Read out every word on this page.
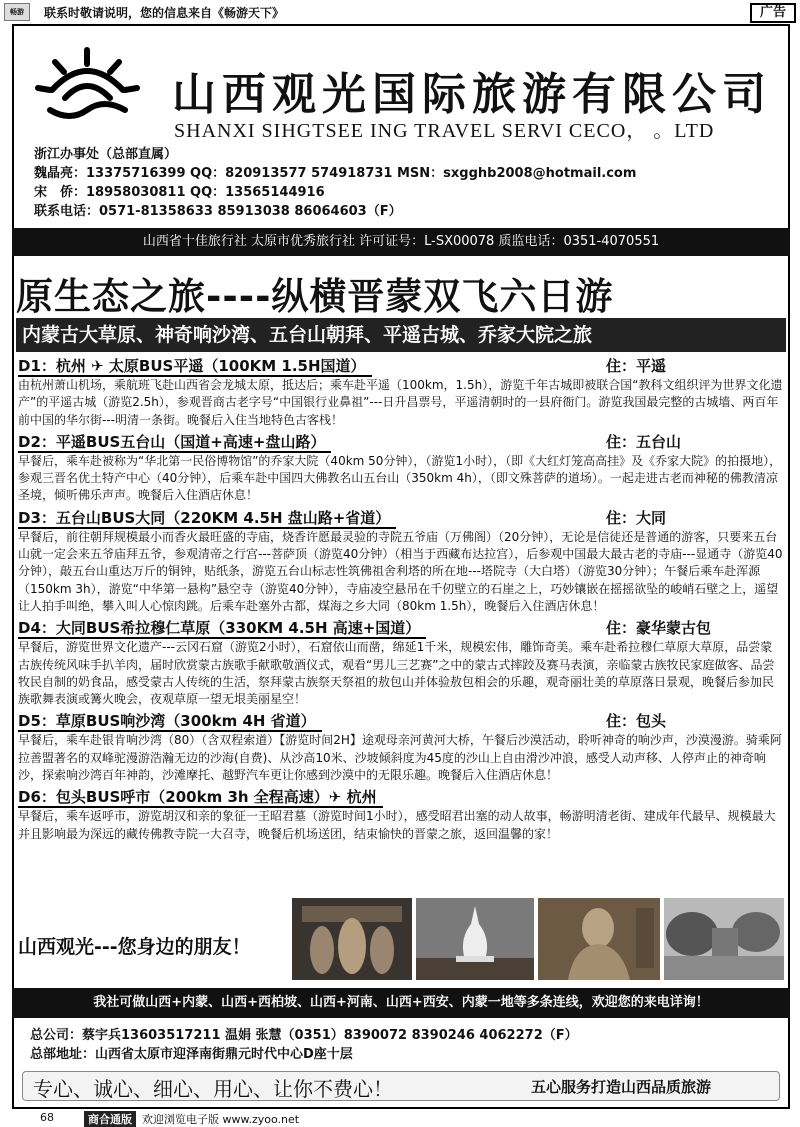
畅游	联系时敬请说明，您的信息来自《畅游天下》	广告
山西观光国际旅游有限公司
SHANXI SIHGTSEE ING TRAVEL SERVI CECO， 。LTD
浙江办事处（总部直属）
魏晶亮：13375716399 QQ：820913577 574918731 MSN：sxgghb2008@hotmail.com
宋　侨：18958030811 QQ：13565144916
联系电话：0571-81358633 85913038 86064603（F）
山西省十佳旅行社 太原市优秀旅行社 许可证号：L-SX00078 质监电话：0351-4070551
原生态之旅----纵横晋蒙双飞六日游
内蒙古大草原、神奇响沙湾、五台山朝拜、平遥古城、乔家大院之旅
D1：杭州 ✈ 太原BUS平遥（100KM 1.5H国道）	住：平遥
由杭州萧山机场，乘航班飞赴山西省会龙城太原，抵达后；乘车赴平遥（100km，1.5h），游览千年古城即被联合国“教科文组织评为世界文化遗产”的平遥古城（游览2.5h），参观晋商古老字号“中国银行业鼻祖”---日升昌票号，平遥清朝时的一县府衙门。游览我国最完整的古城墙、两百年前中国的华尔街---明清一条街。晚餐后入住当地特色古客栈！
D2：平遥BUS五台山（国道+高速+盘山路）	住：五台山
早餐后，乘车赴被称为“华北第一民俗博物馆”的乔家大院（40km 50分钟），（游览1小时），（即《大红灯笼高高挂》及《乔家大院》的拍摄地），参观三晋名优土特产中心（40分钟），后乘车赴中国四大佛教名山五台山（350km 4h），（即文殊菩萨的道场）。一起走进古老而神秘的佛教清凉圣境，倾听佛乐声声。晚餐后入住酒店休息！
D3：五台山BUS大同（220KM 4.5H 盘山路+省道）	住：大同
早餐后，前往朝拜规模最小而香火最旺盛的寺庙，烧香许愿最灵验的寺院五爷庙（万佛阁）（20分钟），无论是信徒还是普通的游客，只要来五台山就一定会来五爷庙拜五爷，参观清帝之行宫---菩萨顶（游览40分钟）（相当于西藏布达拉宫），后参观中国最大最古老的寺庙---显通寺（游览40分钟），敲五台山重达万斤的铜钟，贴纸条，游览五台山标志性筑佛祖舍利塔的所在地---塔院寺（大白塔）（游览30分钟）；午餐后乘车赴浑源（150km 3h），游览“中华第一悬构”悬空寺（游览40分钟），寺庙凌空悬吊在千仞壁立的石崖之上，巧妙镶嵌在摇摇欲坠的峻峭石壁之上，遥望让人拍手叫绝，攀入叫人心惊肉跳。后乘车赴塞外古都，煤海之乡大同（80km 1.5h），晚餐后入住酒店休息！
D4：大同BUS希拉穆仁草原（330KM 4.5H 高速+国道）	住：豪华蒙古包
早餐后，游览世界文化遗产---云冈石窟（游览2小时），石窟依山而凿，绵延1千米，规模宏伟，雕饰奇美。乘车赴希拉穆仁草原大草原，品尝蒙古族传统风味手扒羊肉，届时欣赏蒙古族歌手献歌敬酒仪式，观看“男儿三艺赛”之中的蒙古式摔跤及赛马表演，亲临蒙古族牧民家庭做客、品尝牧民自制的奶食品，感受蒙古人传统的生活，祭拜蒙古族祭天祭祖的敖包山并体验敖包相会的乐趣，观奇丽壮美的草原落日景观，晚餐后参加民族歌舞表演或篝火晚会，夜观草原一望无垠美丽星空！
D5：草原BUS响沙湾（300km 4H 省道）	住：包头
早餐后，乘车赴银肯响沙湾（80）（含双程索道）【游览时间2H】途观母亲河黄河大桥，午餐后沙漠活动，聆听神奇的响沙声，沙漠漫游。骑乘阿拉善盟著名的双峰驼漫游浩瀚无边的沙海(自费)、从沙高10米、沙坡倾斜度为45度的沙山上自由滑沙冲浪，感受人动声移、人停声止的神奇响沙，探索响沙湾百年神韵，沙滩摩托、越野汽车更让你感到沙漠中的无限乐趣。晚餐后入住酒店休息！
D6：包头BUS呼市（200km 3h 全程高速）✈ 杭州
早餐后，乘车返呼市，游览胡汉和亲的象征一王昭君墓（游览时间1小时），感受昭君出塞的动人故事，畅游明清老街、建成年代最早、规模最大并且影响最为深远的藏传佛教寺院一大召寺，晚餐后机场送团，结束愉快的晋蒙之旅，返回温馨的家！
山西观光---您身边的朋友！
我社可做山西+内蒙、山西+西柏坡、山西+河南、山西+西安、内蒙一地等多条连线，欢迎您的来电详询！
总公司：蔡宇兵13603517211 温娟 张慧（0351）8390072 8390246 4062272（F）
总部地址：山西省太原市迎泽南街鼎元时代中心D座十层
专心、诚心、细心、用心、让你不费心！	五心服务打造山西品质旅游
68	商合通版 欢迎浏览电子版 www.zyoo.net
